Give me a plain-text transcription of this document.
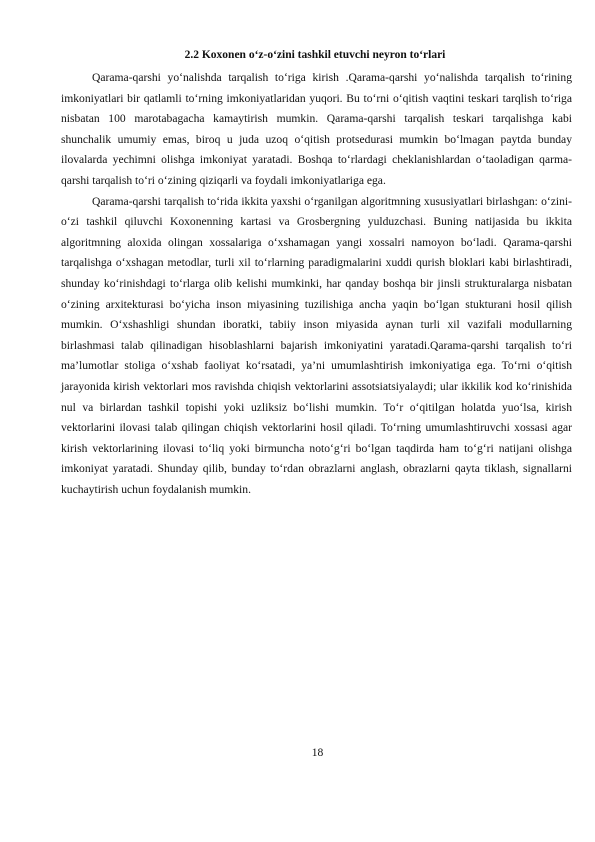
2.2 Koxonen o‘z-o‘zini tashkil etuvchi neyron to‘rlari

Qarama-qarshi yo‘nalishda tarqalish to‘riga kirish .Qarama-qarshi yo‘nalishda tarqalish to‘rining imkoniyatlari bir qatlamli to‘rning imkoniyatlaridan yuqori. Bu to‘rni o‘qitish vaqtini teskari tarqlish to‘riga nisbatan 100 marotabagacha kamaytirish mumkin. Qarama-qarshi tarqalish teskari tarqalishga kabi shunchalik umumiy emas, biroq u juda uzoq o‘qitish protsedurasi mumkin bo‘lmagan paytda bunday ilovalarda yechimni olishga imkoniyat yaratadi. Boshqa to‘rlardagi cheklanishlardan o‘taoladigan qarma-qarshi tarqalish to‘ri o‘zining qiziqarli va foydali imkoniyatlariga ega.

Qarama-qarshi tarqalish to‘rida ikkita yaxshi o‘rganilgan algoritmning xususiyatlari birlashgan: o‘zini-o‘zi tashkil qiluvchi Koxonenning kartasi va Grosbergning yulduzchasi. Buning natijasida bu ikkita algoritmning aloxida olingan xossalariga o‘xshamagan yangi xossalri namoyon bo‘ladi. Qarama-qarshi tarqalishga o‘xshagan metodlar, turli xil to‘rlarning paradigmalarini xuddi qurish bloklari kabi birlashtiradi, shunday ko‘rinishdagi to‘rlarga olib kelishi mumkinki, har qanday boshqa bir jinsli strukturalarga nisbatan o‘zining arxitekturasi bo‘yicha inson miyasining tuzilishiga ancha yaqin bo‘lgan stukturani hosil qilish mumkin. O‘xshashligi shundan iboratki, tabiiy inson miyasida aynan turli xil vazifali modullarning birlashmasi talab qilinadigan hisoblashlarni bajarish imkoniyatini yaratadi.Qarama-qarshi tarqalish to‘ri ma’lumotlar stoliga o‘xshab faoliyat ko‘rsatadi, ya’ni umumlashtirish imkoniyatiga ega. To‘rni o‘qitish jarayonida kirish vektorlari mos ravishda chiqish vektorlarini assotsiatsiyalaydi; ular ikkilik kod ko‘rinishida nul va birlardan tashkil topishi yoki uzliksiz bo‘lishi mumkin. To‘r o‘qitilgan holatda yuo‘lsa, kirish vektorlarini ilovasi talab qilingan chiqish vektorlarini hosil qiladi. To‘rning umumlashtiruvchi xossasi agar kirish vektorlarining ilovasi to‘liq yoki birmuncha noto‘g‘ri bo‘lgan taqdirda ham to‘g‘ri natijani olishga imkoniyat yaratadi. Shunday qilib, bunday to‘rdan obrazlarni anglash, obrazlarni qayta tiklash, signallarni kuchaytirish uchun foydalanish mumkin.

18
